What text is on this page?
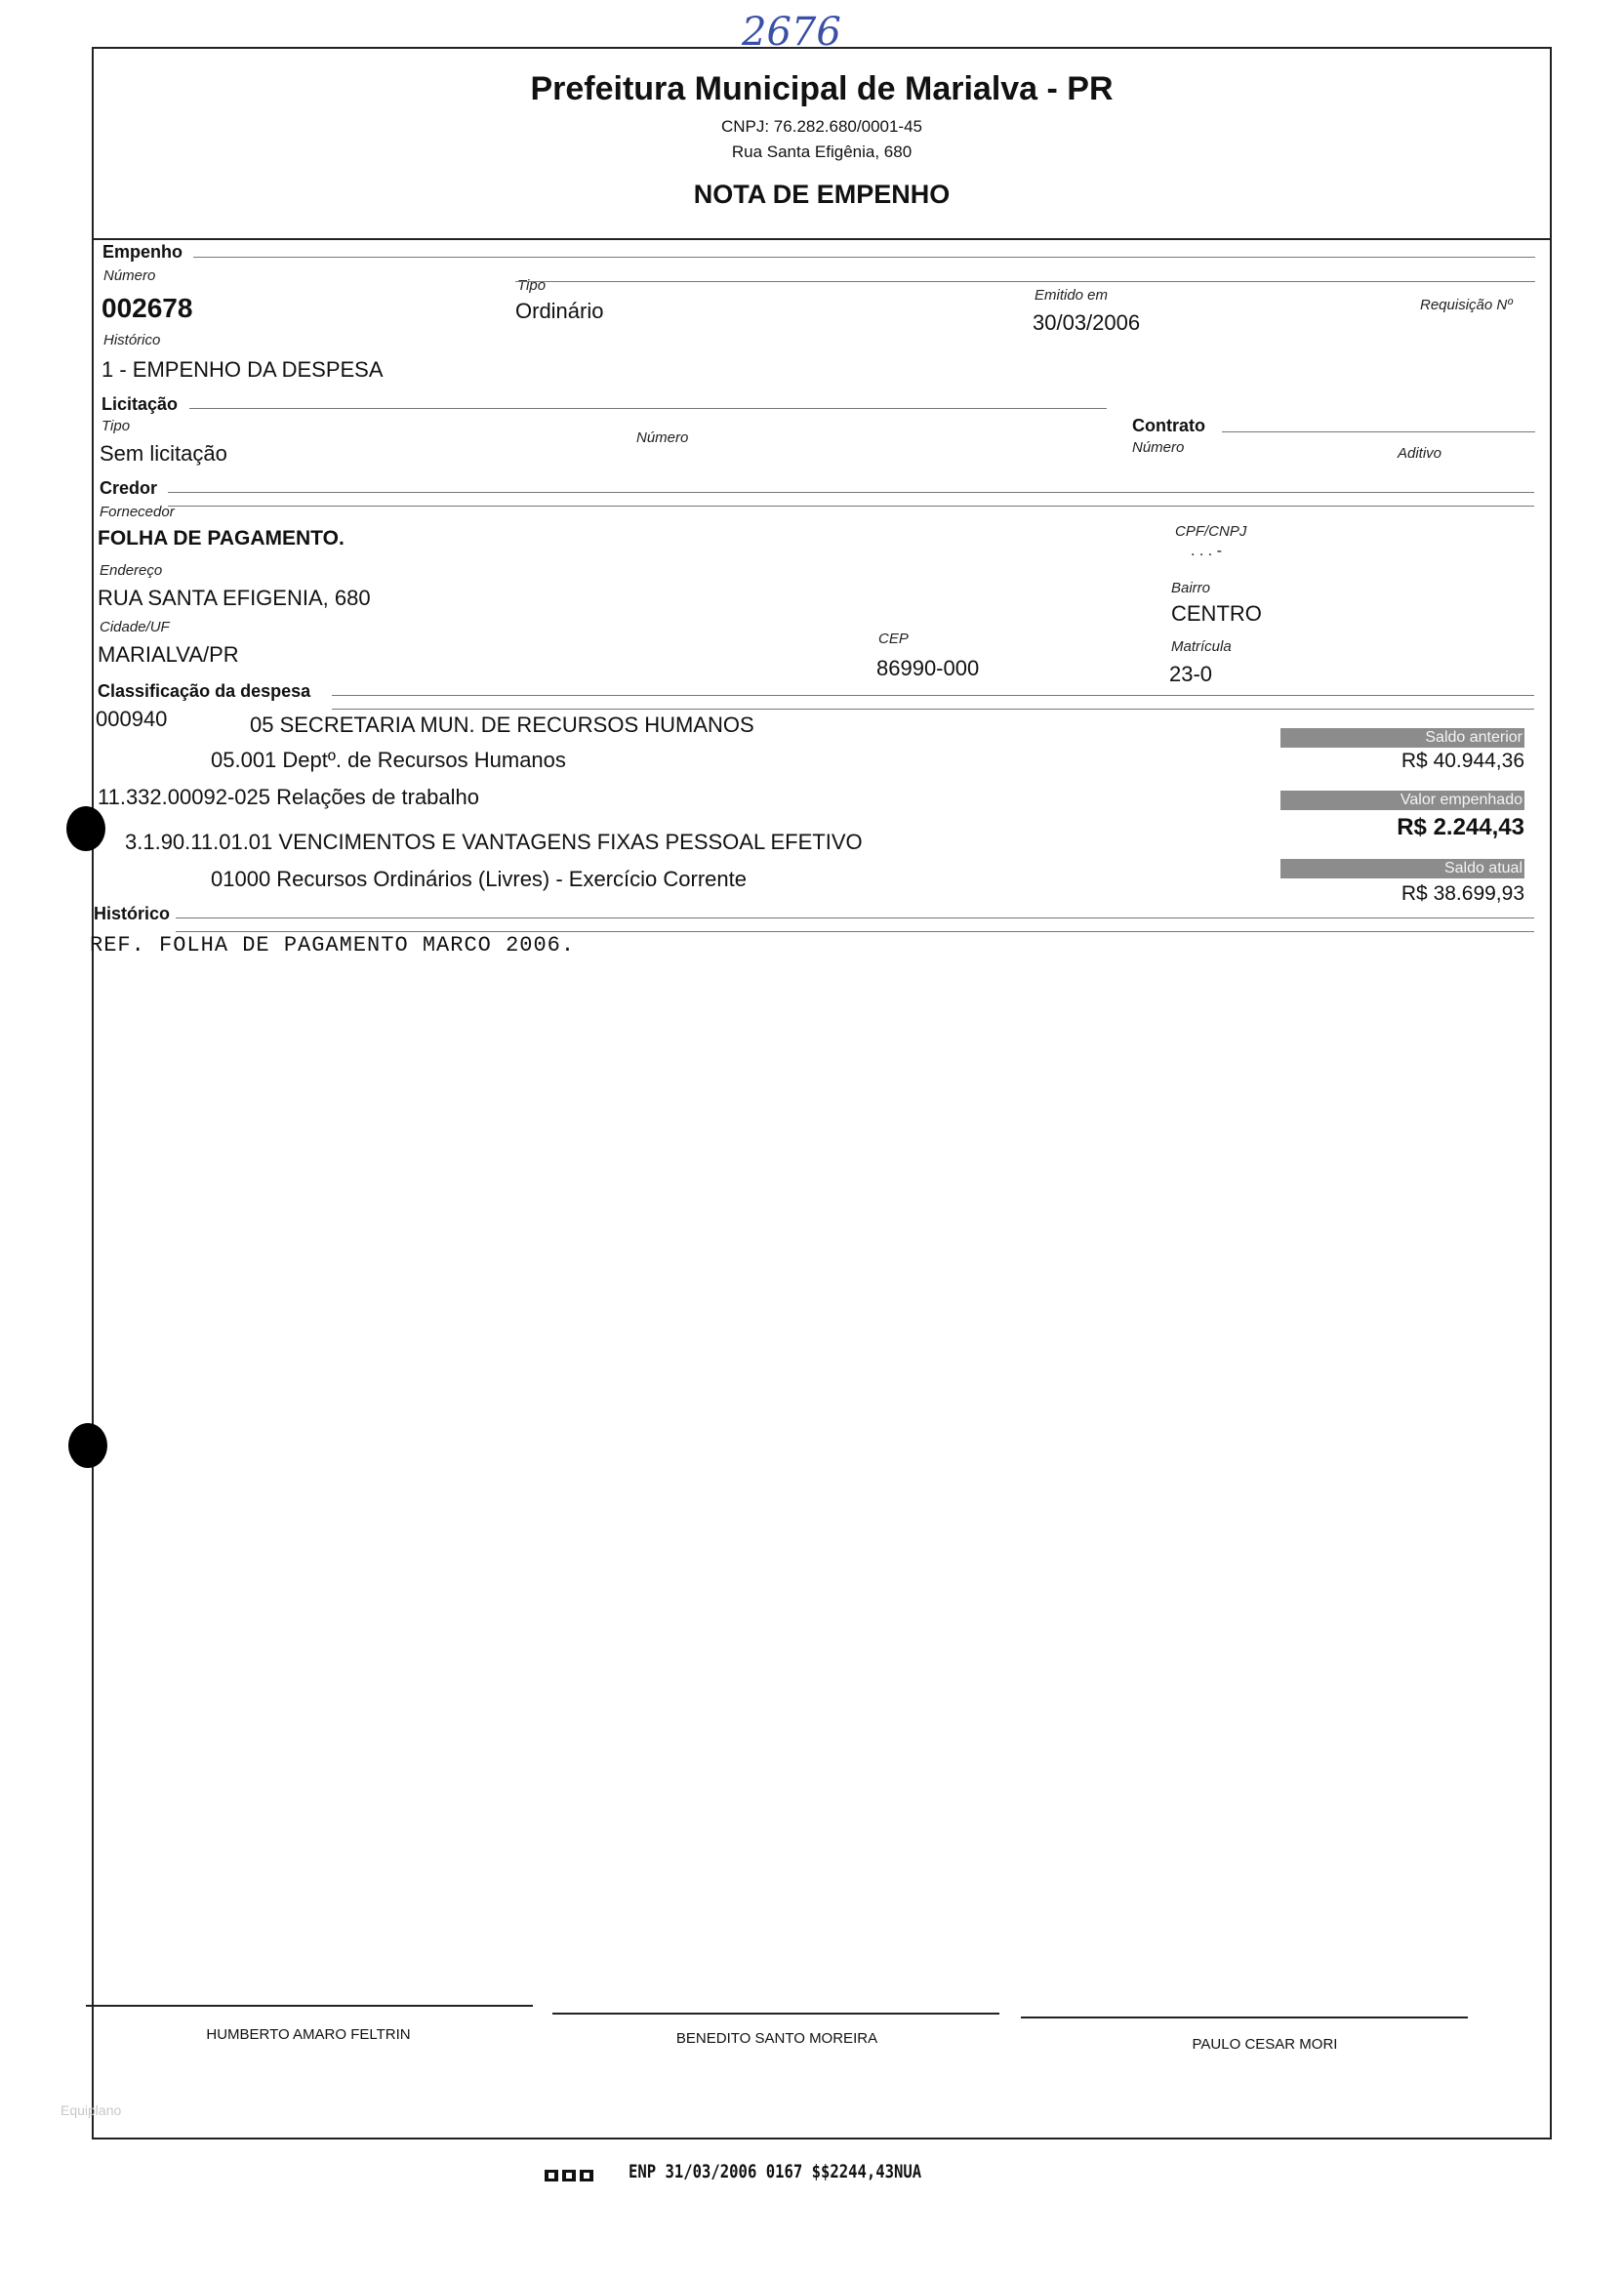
2676
Prefeitura Municipal de Marialva - PR
CNPJ: 76.282.680/0001-45
Rua Santa Efigênia, 680
NOTA DE EMPENHO
Empenho
Número
002678
Tipo
Ordinário
Emitido em
30/03/2006
Requisição Nº
Histórico
1 - EMPENHO DA DESPESA
Licitação
Tipo
Sem licitação
Número
Contrato
Número	Aditivo
Credor
Fornecedor
FOLHA DE PAGAMENTO.	CPF/CNPJ
. . . -
Endereço
RUA SANTA EFIGENIA, 680	Bairro
CENTRO
Cidade/UF
MARIALVA/PR
CEP
86990-000
Matrícula
23-0
Classificação da despesa
000940	05 SECRETARIA MUN. DE RECURSOS HUMANOS
05.001 Deptº. de Recursos Humanos
11.332.00092-025 Relações de trabalho
3.1.90.11.01.01 VENCIMENTOS E VANTAGENS FIXAS PESSOAL EFETIVO
01000 Recursos Ordinários (Livres) - Exercício Corrente
Saldo anterior
R$ 40.944,36
Valor empenhado
R$ 2.244,43
Saldo atual
R$ 38.699,93
Histórico
REF. FOLHA DE PAGAMENTO MARCO 2006.
HUMBERTO AMARO FELTRIN	BENEDITO SANTO MOREIRA	PAULO CESAR MORI
Equiplano
ENP 31/03/2006 0167 $$2244,43NUA
